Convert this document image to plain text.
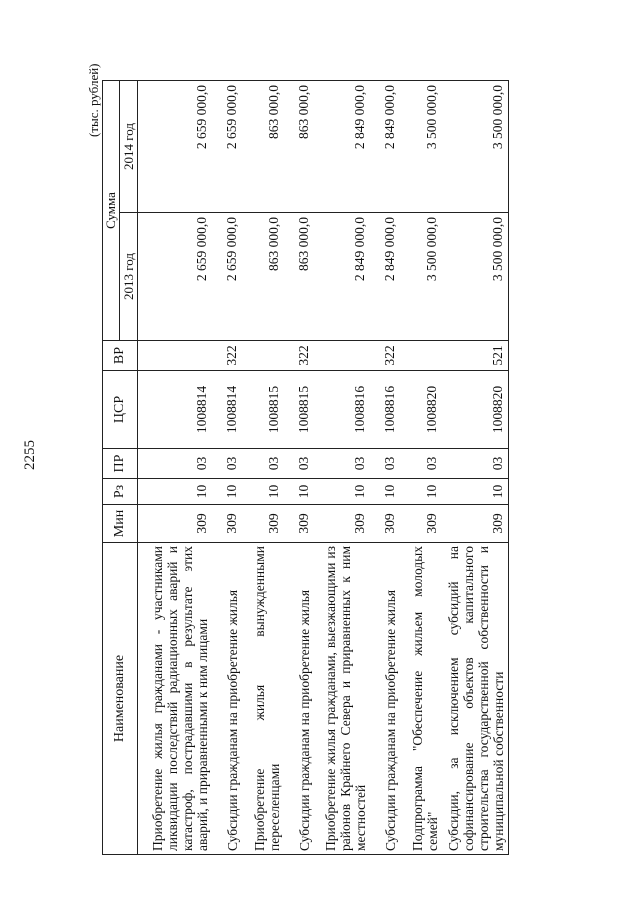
2255
(тыс. рублей)
Наименование	Мин	Рз	ПР	ЦСР	ВР	Сумма	
						2013 год	2014 год
Приобретение жилья гражданами - участниками ликвидации последствий радиационных аварий и катастроф, пострадавшими в результате этих аварий, и приравненными к ним лицами	309	10	03	1008814		2 659 000,0	2 659 000,0
Субсидии гражданам на приобретение жилья	309	10	03	1008814	322	2 659 000,0	2 659 000,0
Приобретение жилья вынужденными переселенцами	309	10	03	1008815		863 000,0	863 000,0
Субсидии гражданам на приобретение жилья	309	10	03	1008815	322	863 000,0	863 000,0
Приобретение жилья гражданами, выезжающими из районов Крайнего Севера и приравненных к ним местностей	309	10	03	1008816		2 849 000,0	2 849 000,0
Субсидии гражданам на приобретение жилья	309	10	03	1008816	322	2 849 000,0	2 849 000,0
Подпрограмма "Обеспечение жильем молодых семей"	309	10	03	1008820		3 500 000,0	3 500 000,0
Субсидии, за исключением субсидий на софинансирование объектов капитального строительства государственной собственности и муниципальной собственности	309	10	03	1008820	521	3 500 000,0	3 500 000,0
